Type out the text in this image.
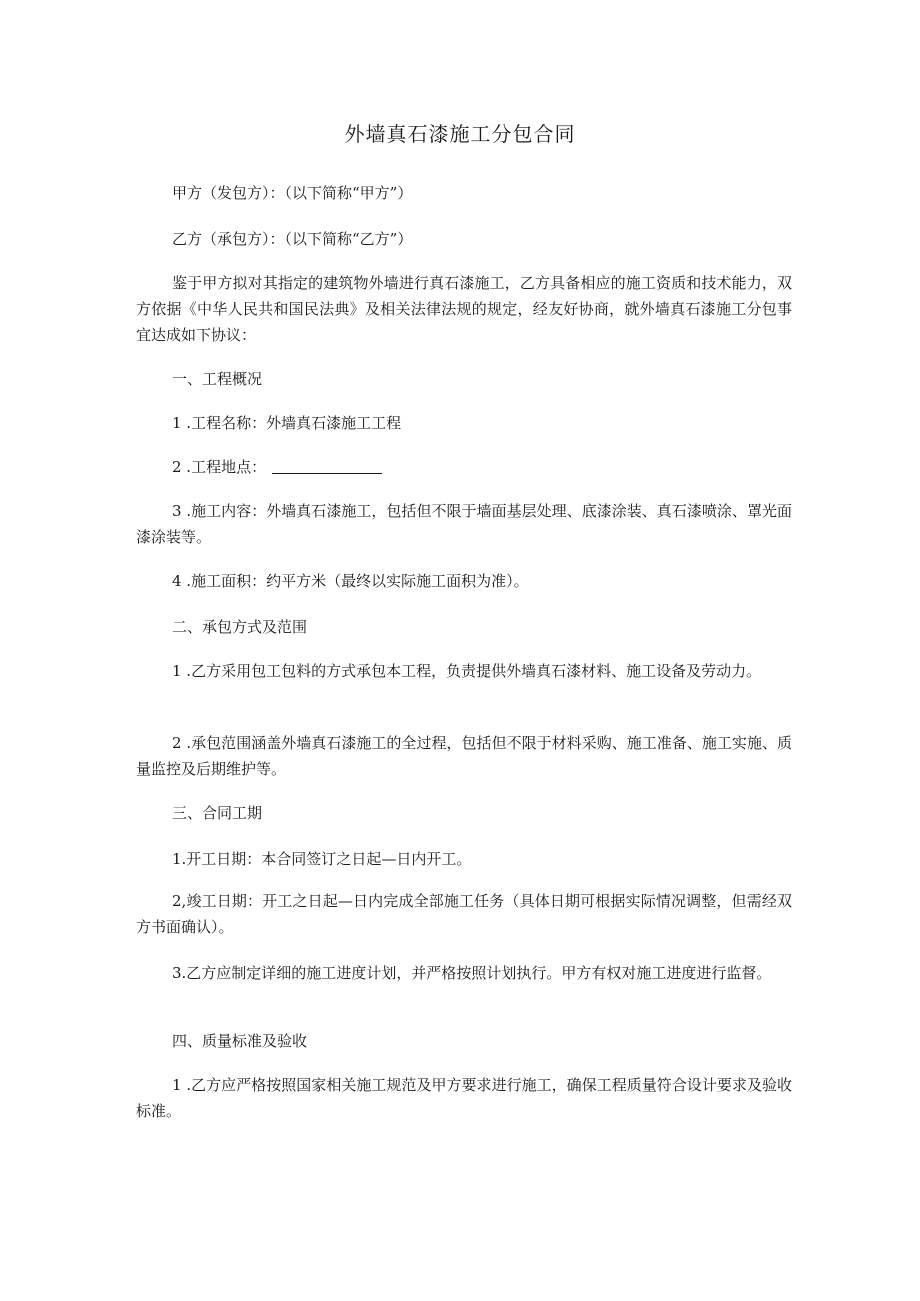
外墙真石漆施工分包合同

甲方（发包方）：（以下简称“甲方”）

乙方（承包方）：（以下简称“乙方”）

鉴于甲方拟对其指定的建筑物外墙进行真石漆施工，乙方具备相应的施工资质和技术能力，双方依据《中华人民共和国民法典》及相关法律法规的规定，经友好协商，就外墙真石漆施工分包事宜达成如下协议：

一、工程概况

1 .工程名称：外墙真石漆施工工程

2 .工程地点：

3 .施工内容：外墙真石漆施工，包括但不限于墙面基层处理、底漆涂装、真石漆喷涂、罩光面漆涂装等。

4 .施工面积：约平方米（最终以实际施工面积为准）。

二、承包方式及范围

1 .乙方采用包工包料的方式承包本工程，负责提供外墙真石漆材料、施工设备及劳动力。

2 .承包范围涵盖外墙真石漆施工的全过程，包括但不限于材料采购、施工准备、施工实施、质量监控及后期维护等。

三、合同工期

1.开工日期：本合同签订之日起—日内开工。

2,竣工日期：开工之日起—日内完成全部施工任务（具体日期可根据实际情况调整，但需经双方书面确认）。

3.乙方应制定详细的施工进度计划，并严格按照计划执行。甲方有权对施工进度进行监督。

四、质量标准及验收

1 .乙方应严格按照国家相关施工规范及甲方要求进行施工，确保工程质量符合设计要求及验收标准。
